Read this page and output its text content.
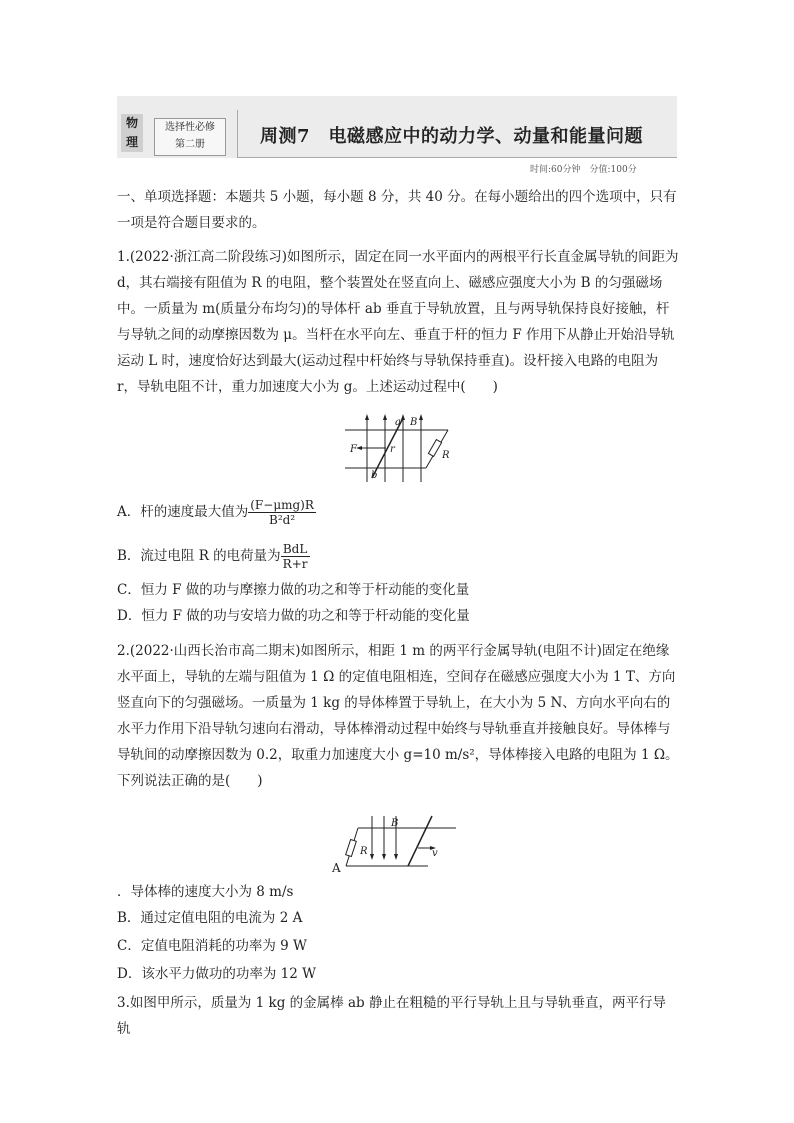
物理
选择性必修
第二册	周测7　电磁感应中的动力学、动量和能量问题
时间:60分钟　分值:100分
一、单项选择题：本题共 5 小题，每小题 8 分，共 40 分。在每小题给出的四个选项中，只有一项是符合题目要求的。
1.(2022·浙江高二阶段练习)如图所示，固定在同一水平面内的两根平行长直金属导轨的间距为 d，其右端接有阻值为 R 的电阻，整个装置处在竖直向上、磁感应强度大小为 B 的匀强磁场中。一质量为 m(质量分布均匀)的导体杆 ab 垂直于导轨放置，且与两导轨保持良好接触，杆与导轨之间的动摩擦因数为 μ。当杆在水平向左、垂直于杆的恒力 F 作用下从静止开始沿导轨运动 L 时，速度恰好达到最大(运动过程中杆始终与导轨保持垂直)。设杆接入电路的电阻为 r，导轨电阻不计，重力加速度大小为 g。上述运动过程中(　　)
F
a B
r
b
R
A．杆的速度最大值为 $\frac{\text{(F−μmg)R}}{\text{B²d²}}$
B．流过电阻 R 的电荷量为 $\frac{\text{BdL}}{R+r}$
C．恒力 F 做的功与摩擦力做的功之和等于杆动能的变化量
D．恒力 F 做的功与安培力做的功之和等于杆动能的变化量
2.(2022·山西长治市高二期末)如图所示，相距 1 m 的两平行金属导轨(电阻不计)固定在绝缘水平面上，导轨的左端与阻值为 1 Ω 的定值电阻相连，空间存在磁感应强度大小为 1 T、方向竖直向下的匀强磁场。一质量为 1 kg 的导体棒置于导轨上，在大小为 5 N、方向水平向右的水平力作用下沿导轨匀速向右滑动，导体棒滑动过程中始终与导轨垂直并接触良好。导体棒与导轨间的动摩擦因数为 0.2，取重力加速度大小 g=10 m/s²，导体棒接入电路的电阻为 1 Ω。下列说法正确的是(　　)
A
R
B
v
．导体棒的速度大小为 8 m/s
B．通过定值电阻的电流为 2 A
C．定值电阻消耗的功率为 9 W
D．该水平力做功的功率为 12 W
3.如图甲所示，质量为 1 kg 的金属棒 ab 静止在粗糙的平行导轨上且与导轨垂直，两平行导轨
